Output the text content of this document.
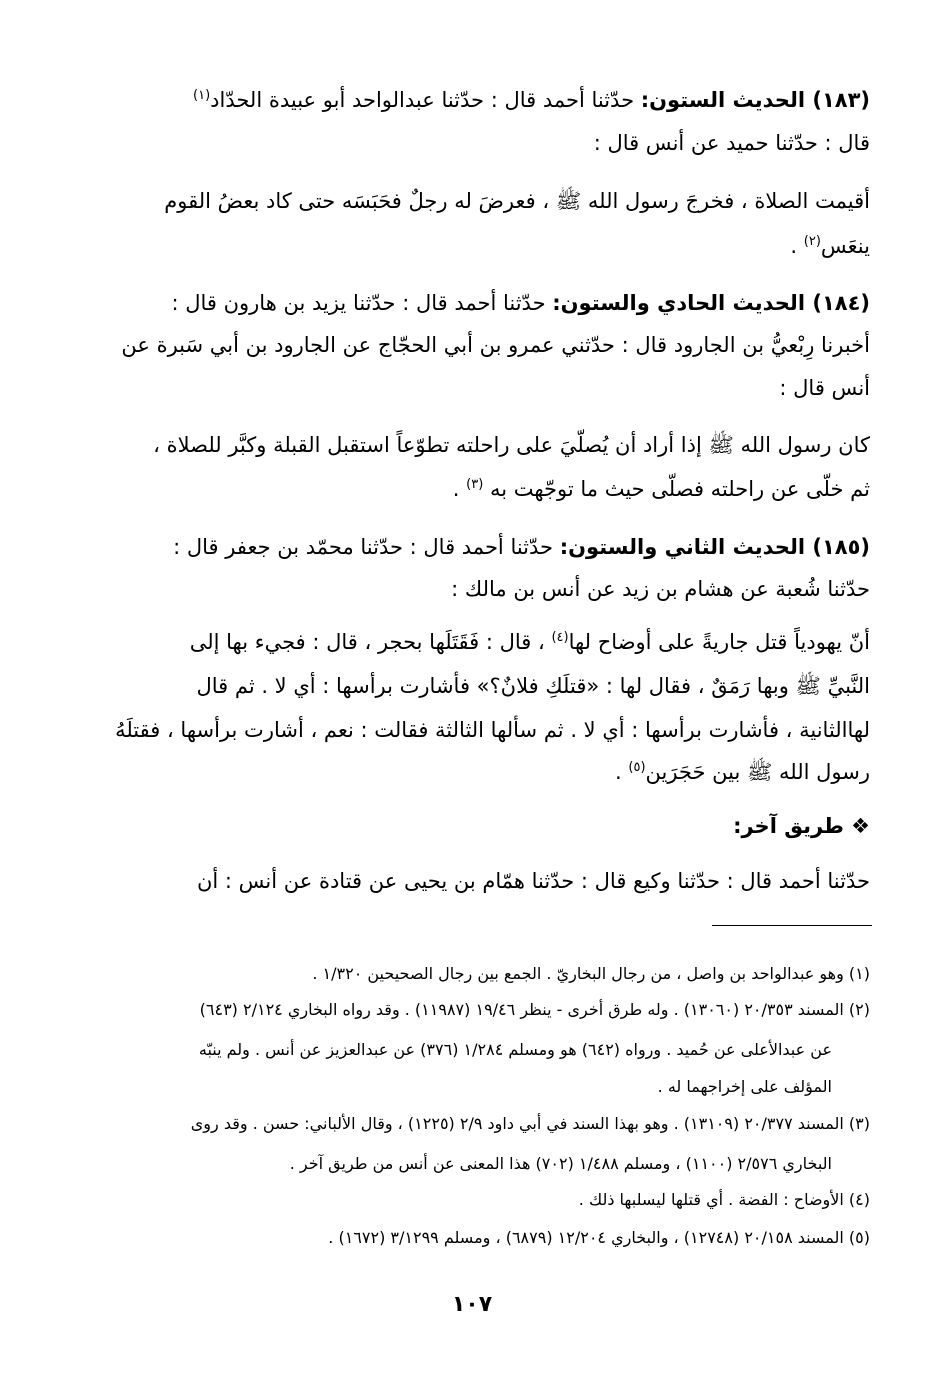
(١٨٣) الحديث الستون: حدّثنا أحمد قال : حدّثنا عبدالواحد أبو عبيدة الحدّاد$^{(١)}$
قال : حدّثنا حميد عن أنس قال :
أقيمت الصلاة ، فخرجَ رسول الله ﷺ ، فعرضَ له رجلٌ فحَبَسَه حتى كاد بعضُ القوم
ينعَس$^{(٢)}$ .
(١٨٤) الحديث الحادي والستون: حدّثنا أحمد قال : حدّثنا يزيد بن هارون قال :
أخبرنا رِبْعيُّ بن الجارود قال : حدّثني عمرو بن أبي الحجّاج عن الجارود بن أبي سَبرة عن
أنس قال :
كان رسول الله ﷺ إذا أراد أن يُصلّيَ على راحلته تطوّعاً استقبل القبلة وكبَّر للصلاة ،
ثم خلّى عن راحلته فصلّى حيث ما توجّهت به $^{(٣)}$ .
(١٨٥) الحديث الثاني والستون: حدّثنا أحمد قال : حدّثنا محمّد بن جعفر قال :
حدّثنا شُعبة عن هشام بن زيد عن أنس بن مالك :
أنّ يهودياً قتل جاريةً على أوضاح لها$^{(٤)}$ ، قال : فَقَتَلَها بحجر ، قال : فجيء بها إلى
النَّبيِّ ﷺ وبها رَمَقٌ ، فقال لها : «قتلَكِ فلانٌ؟» فأشارت برأسها : أي لا . ثم قال
لهاالثانية ، فأشارت برأسها : أي لا . ثم سألها الثالثة فقالت : نعم ، أشارت برأسها ، فقتلَهُ
رسول الله ﷺ بين حَجَرَين$^{(٥)}$ .
❖ طريق آخر:
حدّثنا أحمد قال : حدّثنا وكيع قال : حدّثنا همّام بن يحيى عن قتادة عن أنس : أن
(١) وهو عبدالواحد بن واصل ، من رجال البخاريّ . الجمع بين رجال الصحيحين ١/٣٢٠ .
(٢) المسند ٢٠/٣٥٣ (١٣٠٦٠) . وله طرق أخرى - ينظر ١٩/٤٦ (١١٩٨٧) . وقد رواه البخاري ٢/١٢٤ (٦٤٣)
عن عبدالأعلى عن حُميد . ورواه (٦٤٢) هو ومسلم ١/٢٨٤ (٣٧٦) عن عبدالعزيز عن أنس . ولم ينبّه
المؤلف على إخراجهما له .
(٣) المسند ٢٠/٣٧٧ (١٣١٠٩) . وهو بهذا السند في أبي داود ٢/٩ (١٢٢٥) ، وقال الألباني: حسن . وقد روى
البخاري ٢/٥٧٦ (١١٠٠) ، ومسلم ١/٤٨٨ (٧٠٢) هذا المعنى عن أنس من طريق آخر .
(٤) الأوضاح : الفضة . أي قتلها ليسلبها ذلك .
(٥) المسند ٢٠/١٥٨ (١٢٧٤٨) ، والبخاري ١٢/٢٠٤ (٦٨٧٩) ، ومسلم ٣/١٢٩٩ (١٦٧٢) .
١٠٧
